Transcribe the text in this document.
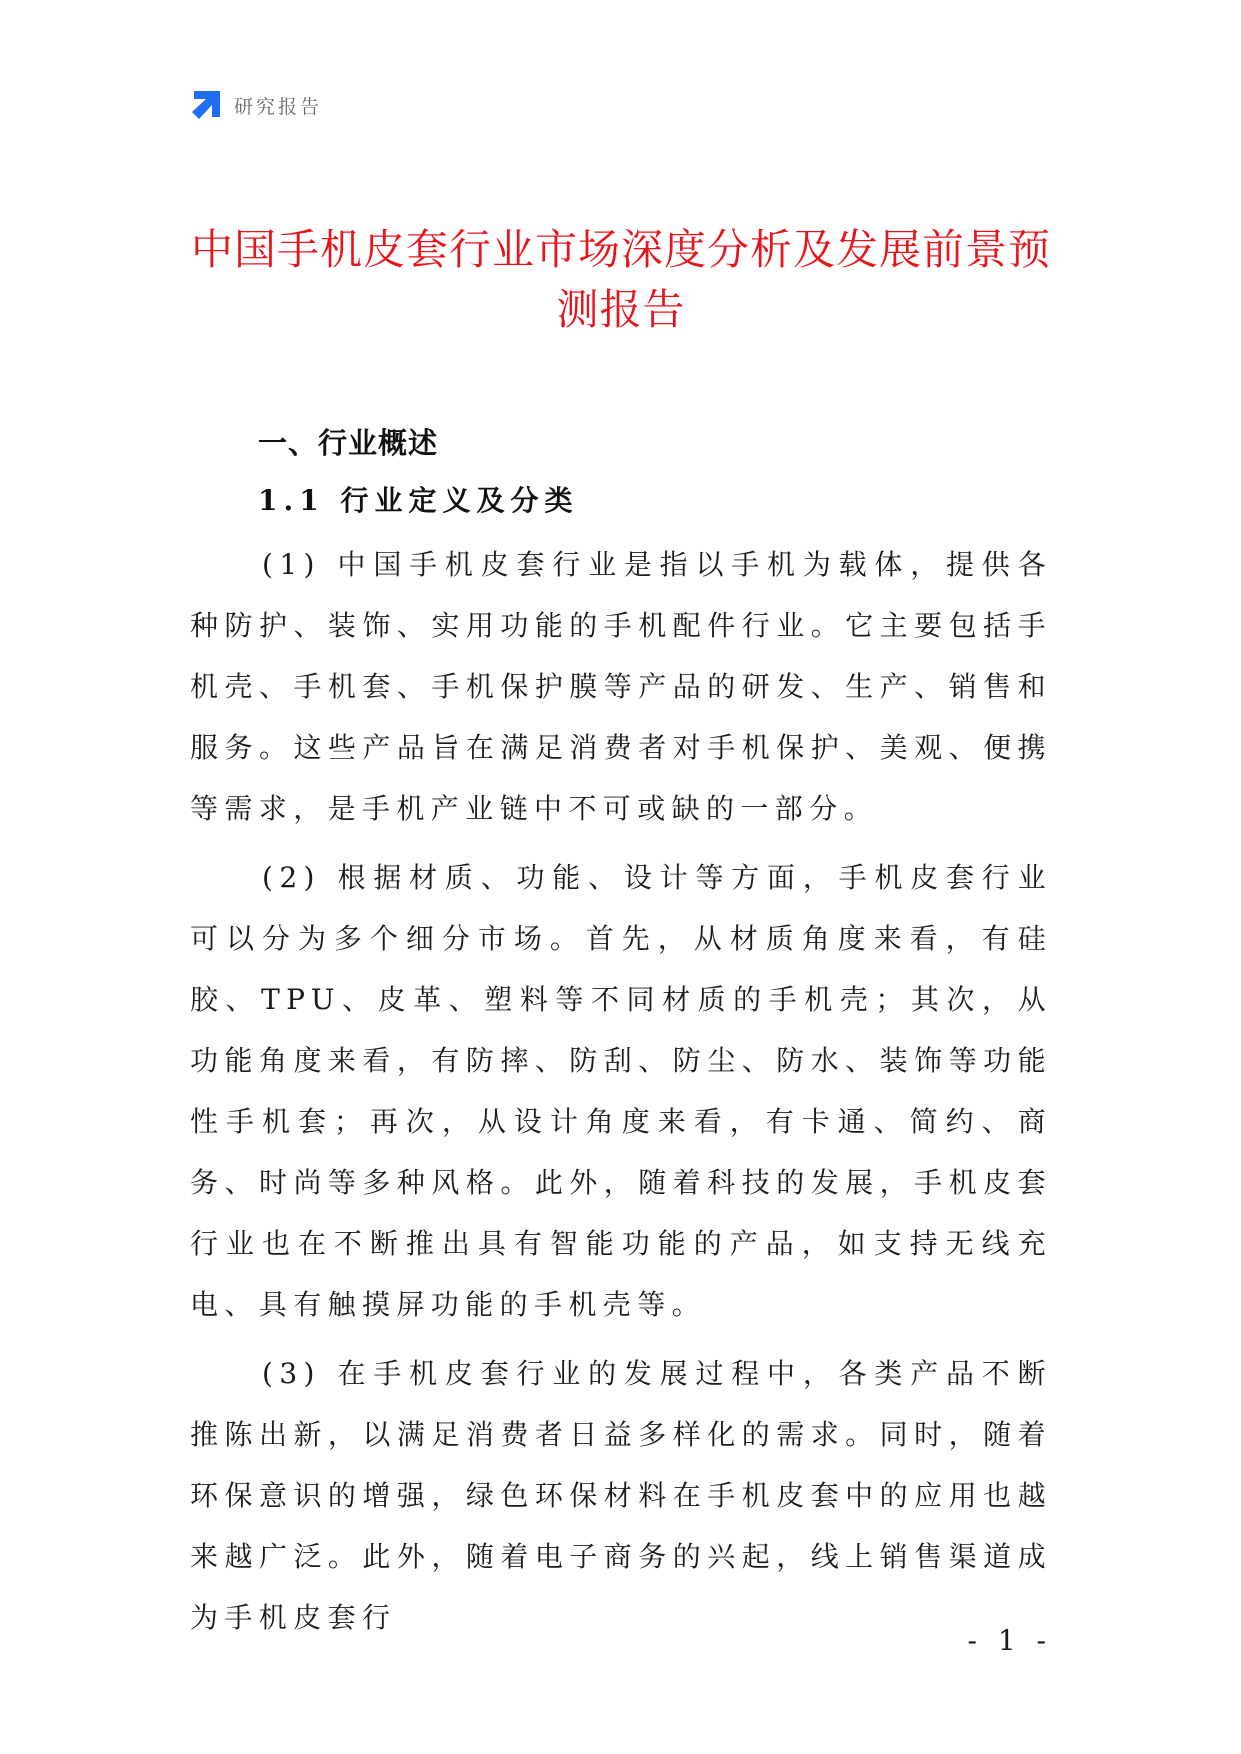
研究报告
中国手机皮套行业市场深度分析及发展前景预测报告
一、行业概述
1.1 行业定义及分类

(1) 中国手机皮套行业是指以手机为载体，提供各种防护、装饰、实用功能的手机配件行业。它主要包括手机壳、手机套、手机保护膜等产品的研发、生产、销售和服务。这些产品旨在满足消费者对手机保护、美观、便携等需求，是手机产业链中不可或缺的一部分。

(2) 根据材质、功能、设计等方面，手机皮套行业可以分为多个细分市场。首先，从材质角度来看，有硅胶、TPU、皮革、塑料等不同材质的手机壳；其次，从功能角度来看，有防摔、防刮、防尘、防水、装饰等功能性手机套；再次，从设计角度来看，有卡通、简约、商务、时尚等多种风格。此外，随着科技的发展，手机皮套行业也在不断推出具有智能功能的产品，如支持无线充电、具有触摸屏功能的手机壳等。

(3) 在手机皮套行业的发展过程中，各类产品不断推陈出新，以满足消费者日益多样化的需求。同时，随着环保意识的增强，绿色环保材料在手机皮套中的应用也越来越广泛。此外，随着电子商务的兴起，线上销售渠道成为手机皮套行

- 1 -
